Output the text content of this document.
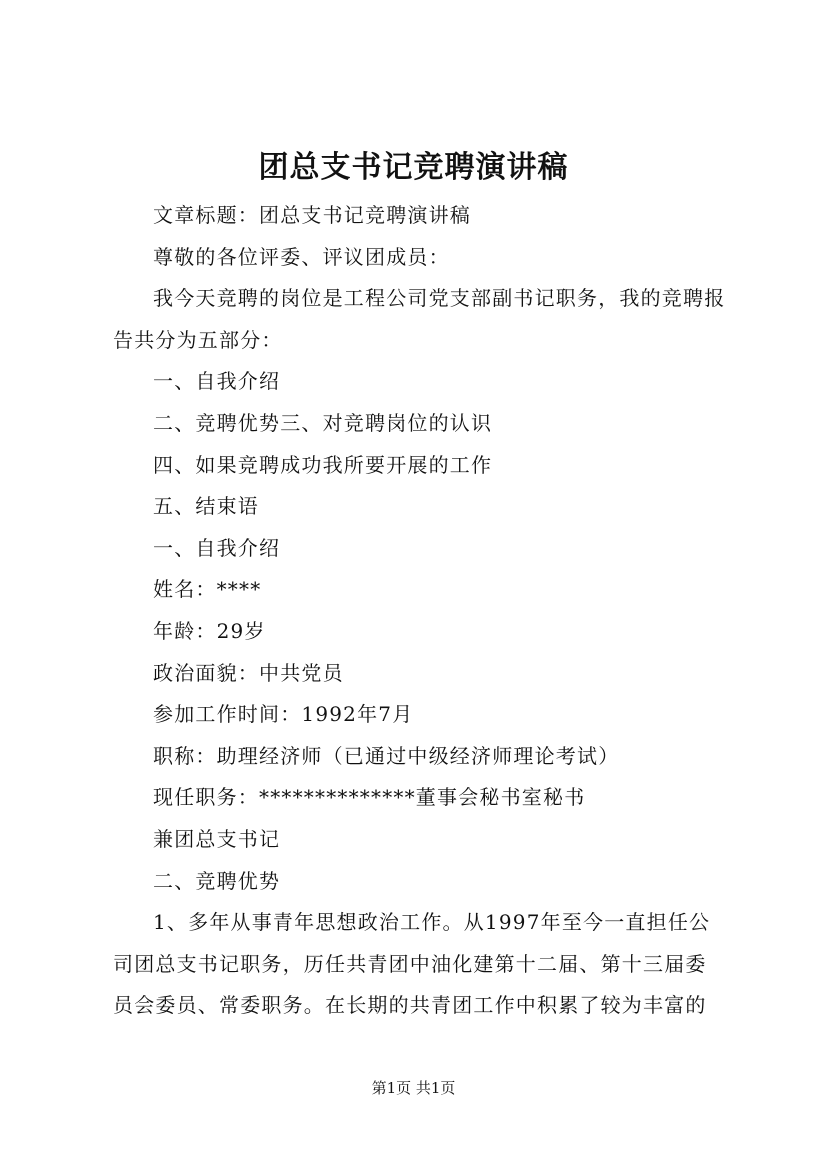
团总支书记竞聘演讲稿

文章标题：团总支书记竞聘演讲稿

尊敬的各位评委、评议团成员：

我今天竞聘的岗位是工程公司党支部副书记职务，我的竞聘报告共分为五部分：

一、自我介绍

二、竞聘优势三、对竞聘岗位的认识

四、如果竞聘成功我所要开展的工作

五、结束语

一、自我介绍

姓名：****

年龄：29岁

政治面貌：中共党员

参加工作时间：1992年7月

职称：助理经济师（已通过中级经济师理论考试）

现任职务：**************董事会秘书室秘书

兼团总支书记

二、竞聘优势

1、多年从事青年思想政治工作。从1997年至今一直担任公司团总支书记职务，历任共青团中油化建第十二届、第十三届委员会委员、常委职务。在长期的共青团工作中积累了较为丰富的

第1页 共1页
